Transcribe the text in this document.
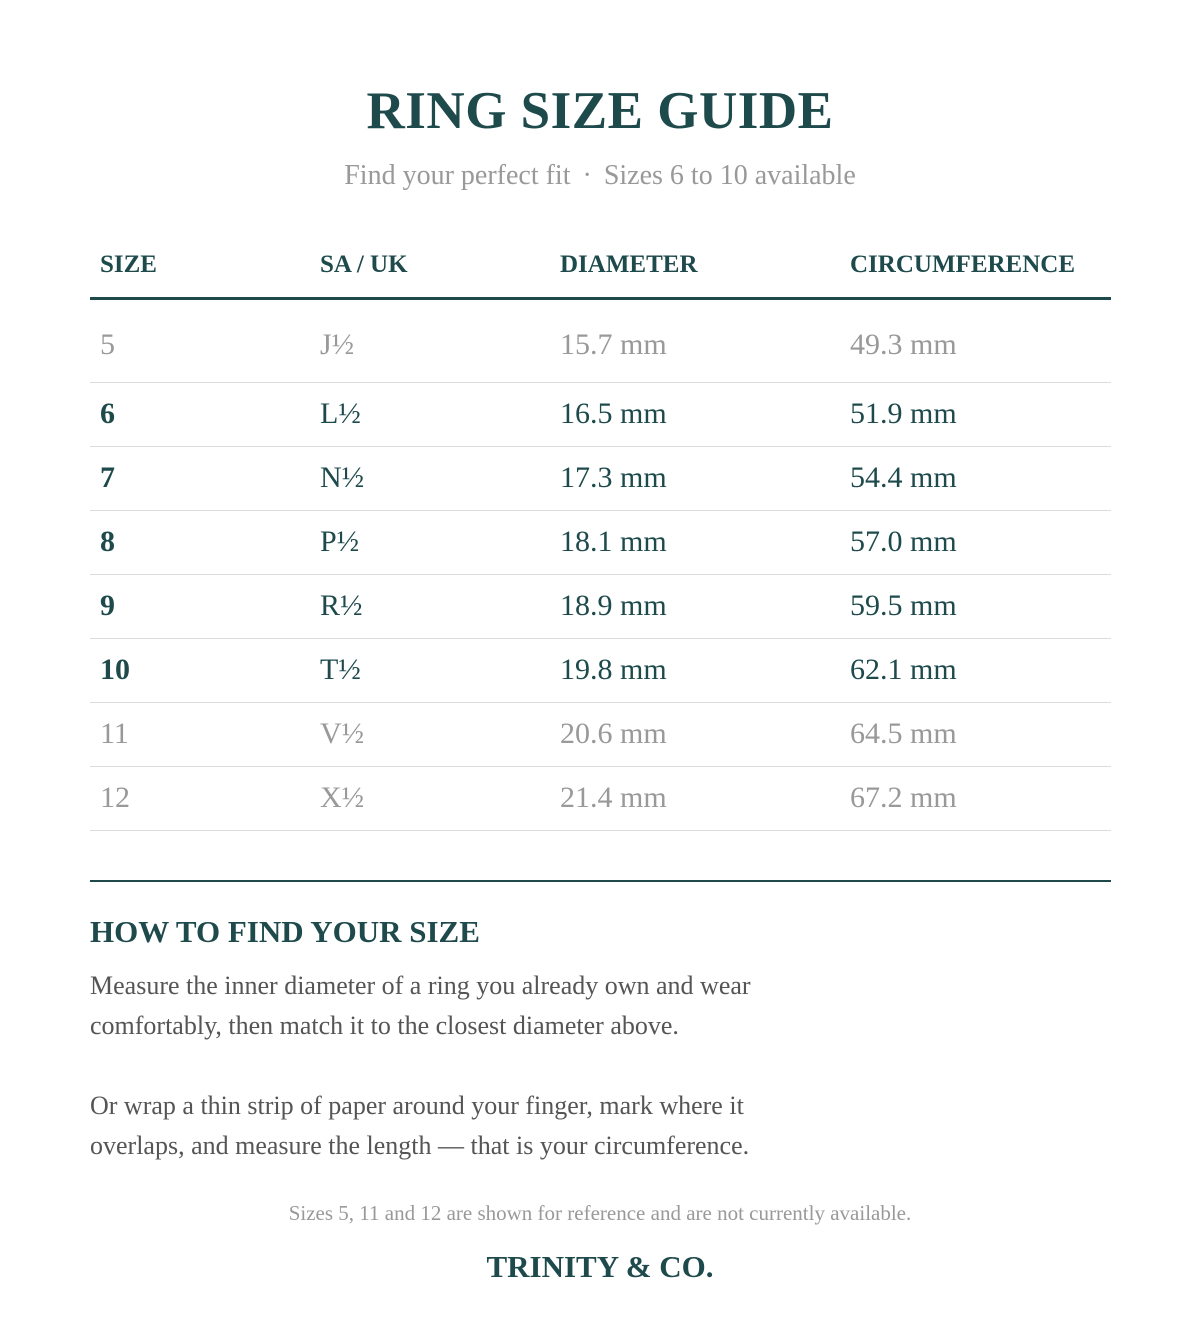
RING SIZE GUIDE
Find your perfect fit · Sizes 6 to 10 available
SIZE	SA / UK	DIAMETER	CIRCUMFERENCE
5	J½	15.7 mm	49.3 mm
6	L½	16.5 mm	51.9 mm
7	N½	17.3 mm	54.4 mm
8	P½	18.1 mm	57.0 mm
9	R½	18.9 mm	59.5 mm
10	T½	19.8 mm	62.1 mm
11	V½	20.6 mm	64.5 mm
12	X½	21.4 mm	67.2 mm
HOW TO FIND YOUR SIZE
Measure the inner diameter of a ring you already own and wear comfortably, then match it to the closest diameter above.
Or wrap a thin strip of paper around your finger, mark where it overlaps, and measure the length — that is your circumference.
Sizes 5, 11 and 12 are shown for reference and are not currently available.
TRINITY & CO.
